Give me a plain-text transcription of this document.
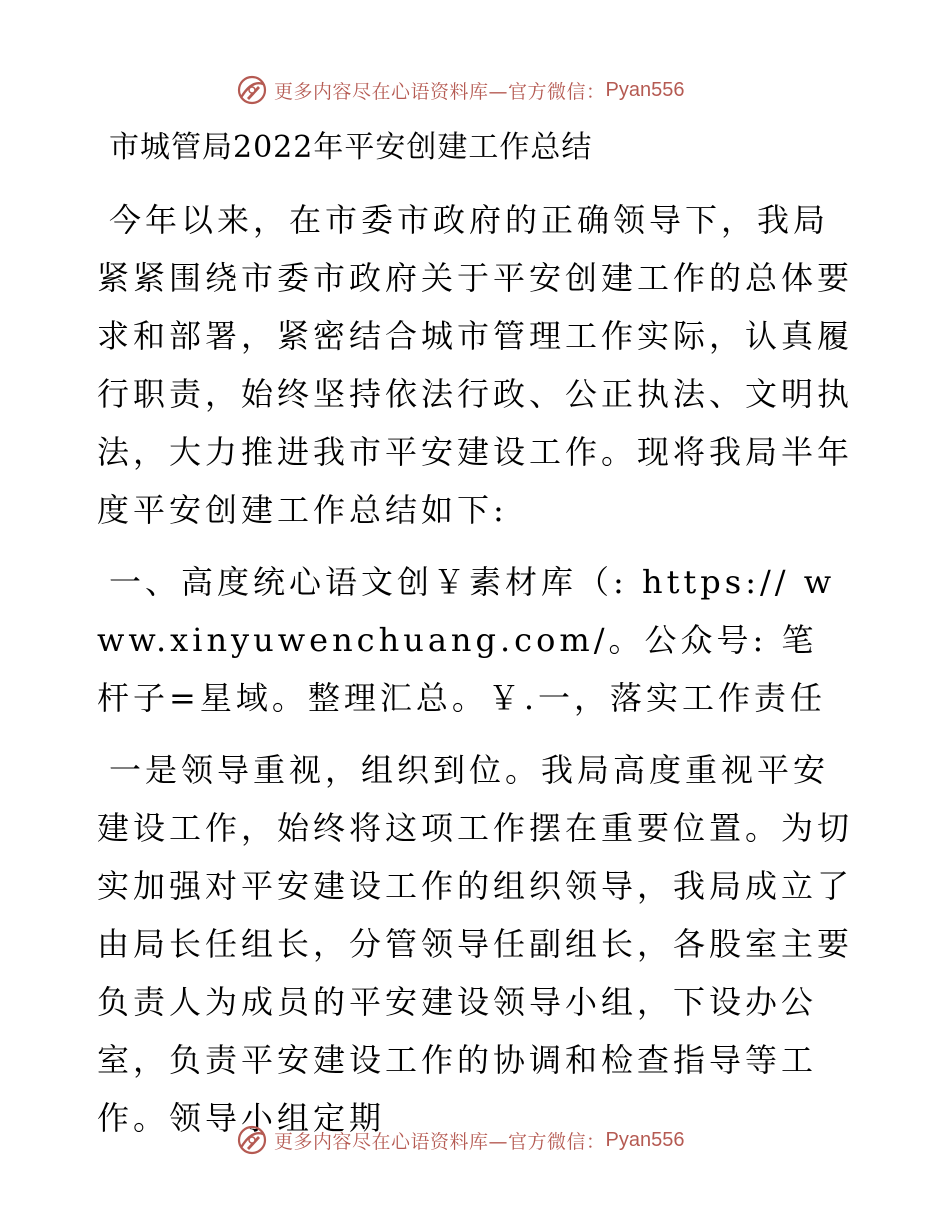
更多内容尽在心语资料库—官方微信： Pyan556
市城管局2022年平安创建工作总结

今年以来，在市委市政府的正确领导下，我局紧紧围绕市委市政府关于平安创建工作的总体要求和部署，紧密结合城市管理工作实际，认真履行职责，始终坚持依法行政、公正执法、文明执法，大力推进我市平安建设工作。现将我局半年度平安创建工作总结如下:

一、高度统心语文创￥素材库（: https:// www.xinyuwenchuang.com/。公众号: 笔杆子=星域。整理汇总。￥.一，落实工作责任

一是领导重视，组织到位。我局高度重视平安建设工作，始终将这项工作摆在重要位置。为切实加强对平安建设工作的组织领导，我局成立了由局长任组长，分管领导任副组长，各股室主要负责人为成员的平安建设领导小组，下设办公室，负责平安建设工作的协调和检查指导等工作。领导小组定期

更多内容尽在心语资料库—官方微信： Pyan556
